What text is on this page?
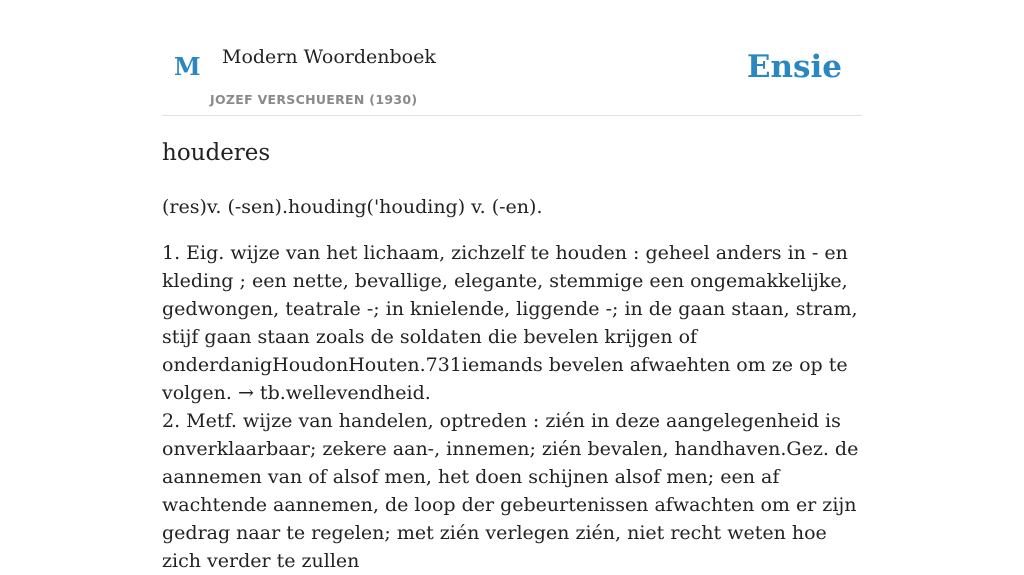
M Modern Woordenboek
JOZEF VERSCHUEREN (1930)
Ensie
houderes

(res)v. (-sen).houding('houding) v. (-en).

1. Eig. wijze van het lichaam, zichzelf te houden : geheel anders in - en kleding ; een nette, bevallige, elegante, stemmige een ongemakkelijke, gedwongen, teatrale -; in knielende, liggende -; in de gaan staan, stram, stijf gaan staan zoals de soldaten die bevelen krijgen of onderdanigHoudonHouten.731iemands bevelen afwaehten om ze op te volgen. → tb.wellevendheid.

2. Metf. wijze van handelen, optreden : zién in deze aangelegenheid is onverklaarbaar; zekere aan-, innemen; zién bevalen, handhaven.Gez. de aannemen van of alsof men, het doen schijnen alsof men; een af wachtende aannemen, de loop der gebeurtenissen afwachten om er zijn gedrag naar te regelen; met zién verlegen zién, niet recht weten hoe zich verder te zullen
